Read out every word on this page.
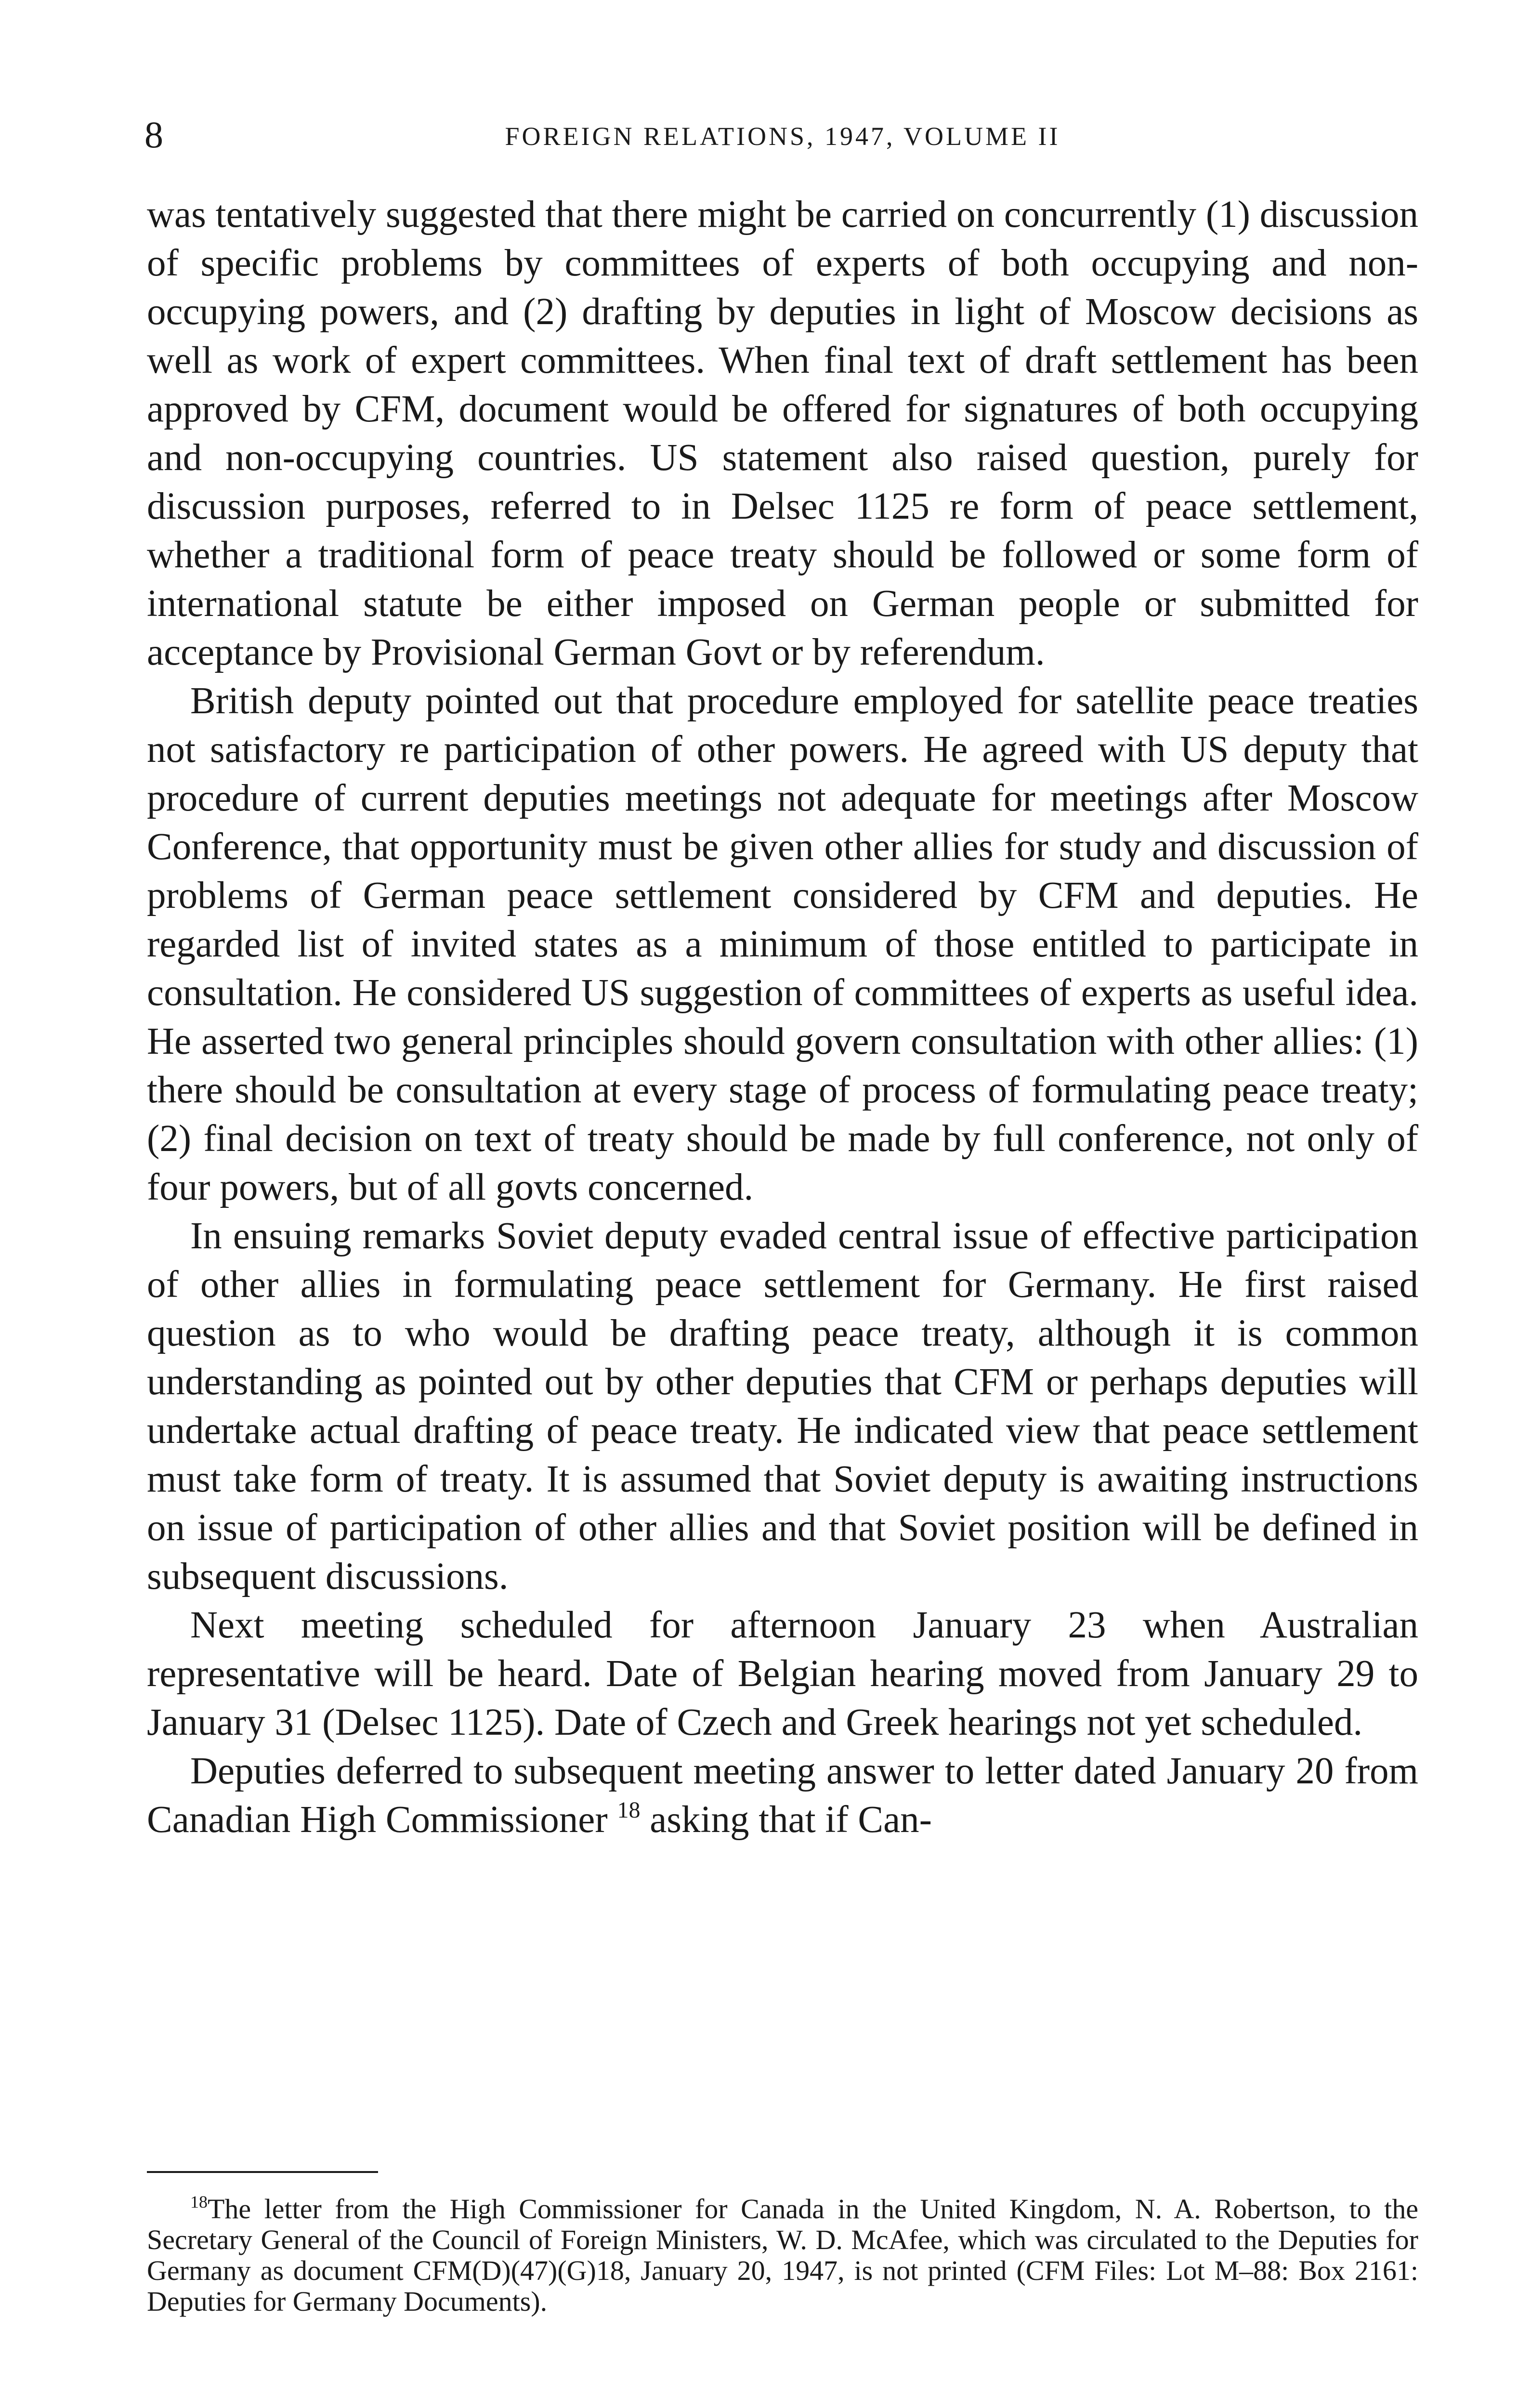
8	FOREIGN RELATIONS, 1947, VOLUME II

was tentatively suggested that there might be carried on concurrently (1) discussion of specific problems by committees of experts of both occupying and non-occupying powers, and (2) drafting by deputies in light of Moscow decisions as well as work of expert committees. When final text of draft settlement has been approved by CFM, document would be offered for signatures of both occupying and non-occupying countries. US statement also raised question, purely for discussion purposes, referred to in Delsec 1125 re form of peace settlement, whether a traditional form of peace treaty should be followed or some form of international statute be either imposed on German people or submitted for acceptance by Provisional German Govt or by referendum.

British deputy pointed out that procedure employed for satellite peace treaties not satisfactory re participation of other powers. He agreed with US deputy that procedure of current deputies meetings not adequate for meetings after Moscow Conference, that opportunity must be given other allies for study and discussion of problems of German peace settlement considered by CFM and deputies. He regarded list of invited states as a minimum of those entitled to participate in consultation. He considered US suggestion of committees of experts as useful idea. He asserted two general principles should govern consultation with other allies: (1) there should be consultation at every stage of process of formulating peace treaty; (2) final decision on text of treaty should be made by full conference, not only of four powers, but of all govts concerned.

In ensuing remarks Soviet deputy evaded central issue of effective participation of other allies in formulating peace settlement for Germany. He first raised question as to who would be drafting peace treaty, although it is common understanding as pointed out by other deputies that CFM or perhaps deputies will undertake actual drafting of peace treaty. He indicated view that peace settlement must take form of treaty. It is assumed that Soviet deputy is awaiting instructions on issue of participation of other allies and that Soviet position will be defined in subsequent discussions.

Next meeting scheduled for afternoon January 23 when Australian representative will be heard. Date of Belgian hearing moved from January 29 to January 31 (Delsec 1125). Date of Czech and Greek hearings not yet scheduled.

Deputies deferred to subsequent meeting answer to letter dated January 20 from Canadian High Commissioner $^{18}$ asking that if Can-

$^{18}$The letter from the High Commissioner for Canada in the United Kingdom, N. A. Robertson, to the Secretary General of the Council of Foreign Ministers, W. D. McAfee, which was circulated to the Deputies for Germany as document CFM(D)(47)(G)18, January 20, 1947, is not printed (CFM Files: Lot M–88: Box 2161: Deputies for Germany Documents).
